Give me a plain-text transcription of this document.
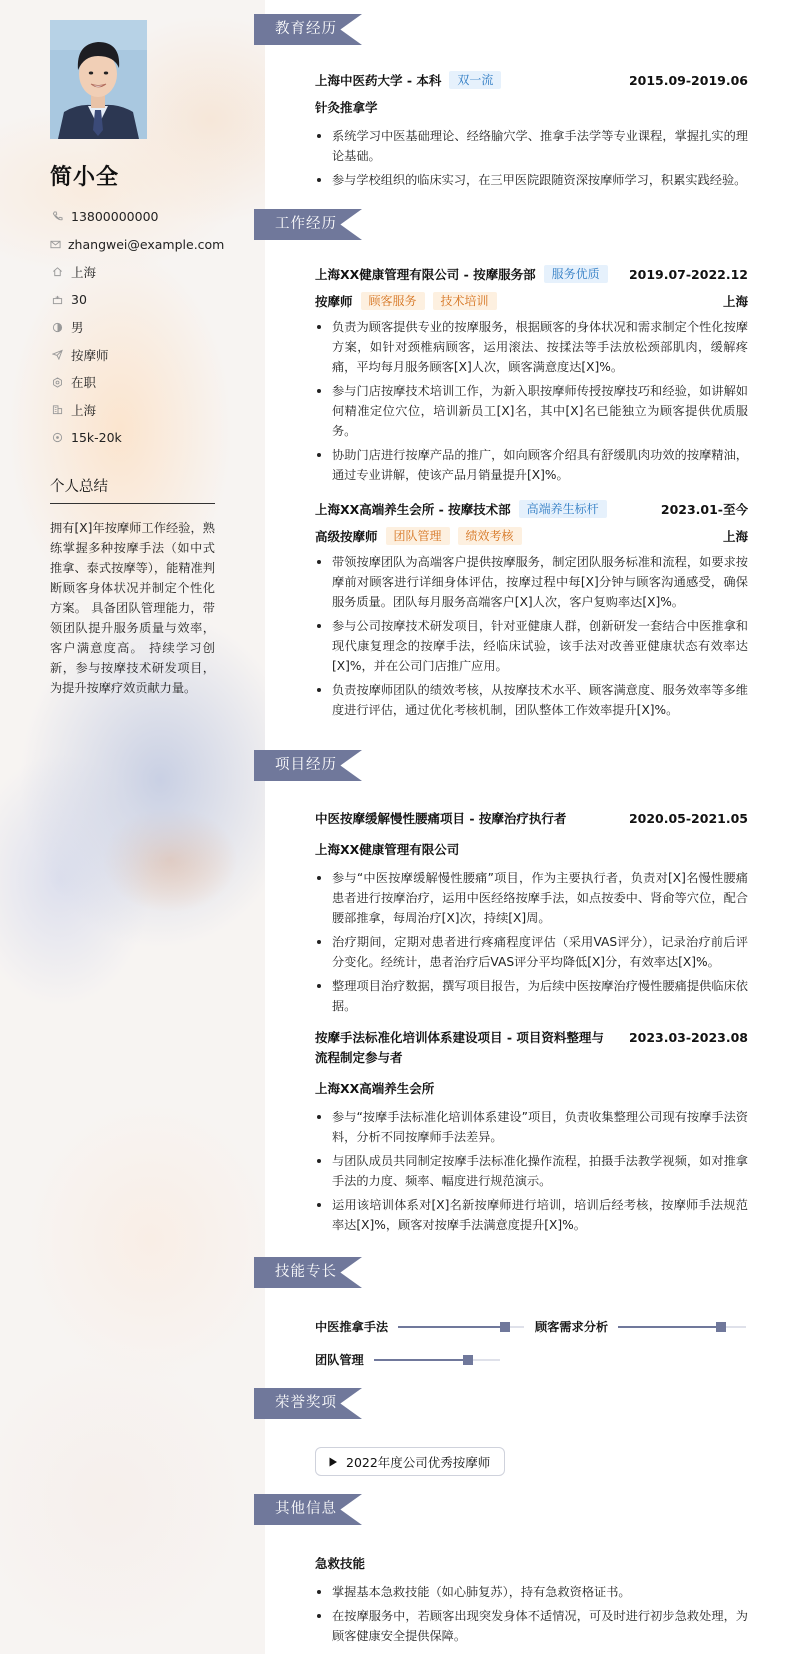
简小全
13800000000
zhangwei@example.com
上海
30
男
按摩师
在职
上海
15k-20k
个人总结
拥有[X]年按摩师工作经验，熟练掌握多种按摩手法（如中式推拿、泰式按摩等），能精准判断顾客身体状况并制定个性化方案。 具备团队管理能力，带领团队提升服务质量与效率，客户满意度高。 持续学习创新，参与按摩技术研发项目，为提升按摩疗效贡献力量。
教育经历
上海中医药大学 - 本科	双一流	2015.09-2019.06
针灸推拿学
系统学习中医基础理论、经络腧穴学、推拿手法学等专业课程，掌握扎实的理论基础。
参与学校组织的临床实习，在三甲医院跟随资深按摩师学习，积累实践经验。
工作经历
上海XX健康管理有限公司 - 按摩服务部	服务优质	2019.07-2022.12
按摩师	顾客服务	技术培训	上海
负责为顾客提供专业的按摩服务，根据顾客的身体状况和需求制定个性化按摩方案，如针对颈椎病顾客，运用滚法、按揉法等手法放松颈部肌肉，缓解疼痛，平均每月服务顾客[X]人次，顾客满意度达[X]%。
参与门店按摩技术培训工作，为新入职按摩师传授按摩技巧和经验，如讲解如何精准定位穴位，培训新员工[X]名，其中[X]名已能独立为顾客提供优质服务。
协助门店进行按摩产品的推广，如向顾客介绍具有舒缓肌肉功效的按摩精油，通过专业讲解，使该产品月销量提升[X]%。
上海XX高端养生会所 - 按摩技术部	高端养生标杆	2023.01-至今
高级按摩师	团队管理	绩效考核	上海
带领按摩团队为高端客户提供按摩服务，制定团队服务标准和流程，如要求按摩前对顾客进行详细身体评估，按摩过程中每[X]分钟与顾客沟通感受，确保服务质量。团队每月服务高端客户[X]人次，客户复购率达[X]%。
参与公司按摩技术研发项目，针对亚健康人群，创新研发一套结合中医推拿和现代康复理念的按摩手法，经临床试验，该手法对改善亚健康状态有效率达[X]%，并在公司门店推广应用。
负责按摩师团队的绩效考核，从按摩技术水平、顾客满意度、服务效率等多维度进行评估，通过优化考核机制，团队整体工作效率提升[X]%。
项目经历
中医按摩缓解慢性腰痛项目 - 按摩治疗执行者	2020.05-2021.05
上海XX健康管理有限公司
参与“中医按摩缓解慢性腰痛”项目，作为主要执行者，负责对[X]名慢性腰痛患者进行按摩治疗，运用中医经络按摩手法，如点按委中、肾俞等穴位，配合腰部推拿，每周治疗[X]次，持续[X]周。
治疗期间，定期对患者进行疼痛程度评估（采用VAS评分），记录治疗前后评分变化。经统计，患者治疗后VAS评分平均降低[X]分，有效率达[X]%。
整理项目治疗数据，撰写项目报告，为后续中医按摩治疗慢性腰痛提供临床依据。
按摩手法标准化培训体系建设项目 - 项目资料整理与流程制定参与者
2023.03-2023.08
上海XX高端养生会所
参与“按摩手法标准化培训体系建设”项目，负责收集整理公司现有按摩手法资料，分析不同按摩师手法差异。
与团队成员共同制定按摩手法标准化操作流程，拍摄手法教学视频，如对推拿手法的力度、频率、幅度进行规范演示。
运用该培训体系对[X]名新按摩师进行培训，培训后经考核，按摩师手法规范率达[X]%，顾客对按摩手法满意度提升[X]%。
技能专长
中医推拿手法	顾客需求分析
团队管理
荣誉奖项
2022年度公司优秀按摩师
其他信息
急救技能
掌握基本急救技能（如心肺复苏），持有急救资格证书。
在按摩服务中，若顾客出现突发身体不适情况，可及时进行初步急救处理，为顾客健康安全提供保障。
